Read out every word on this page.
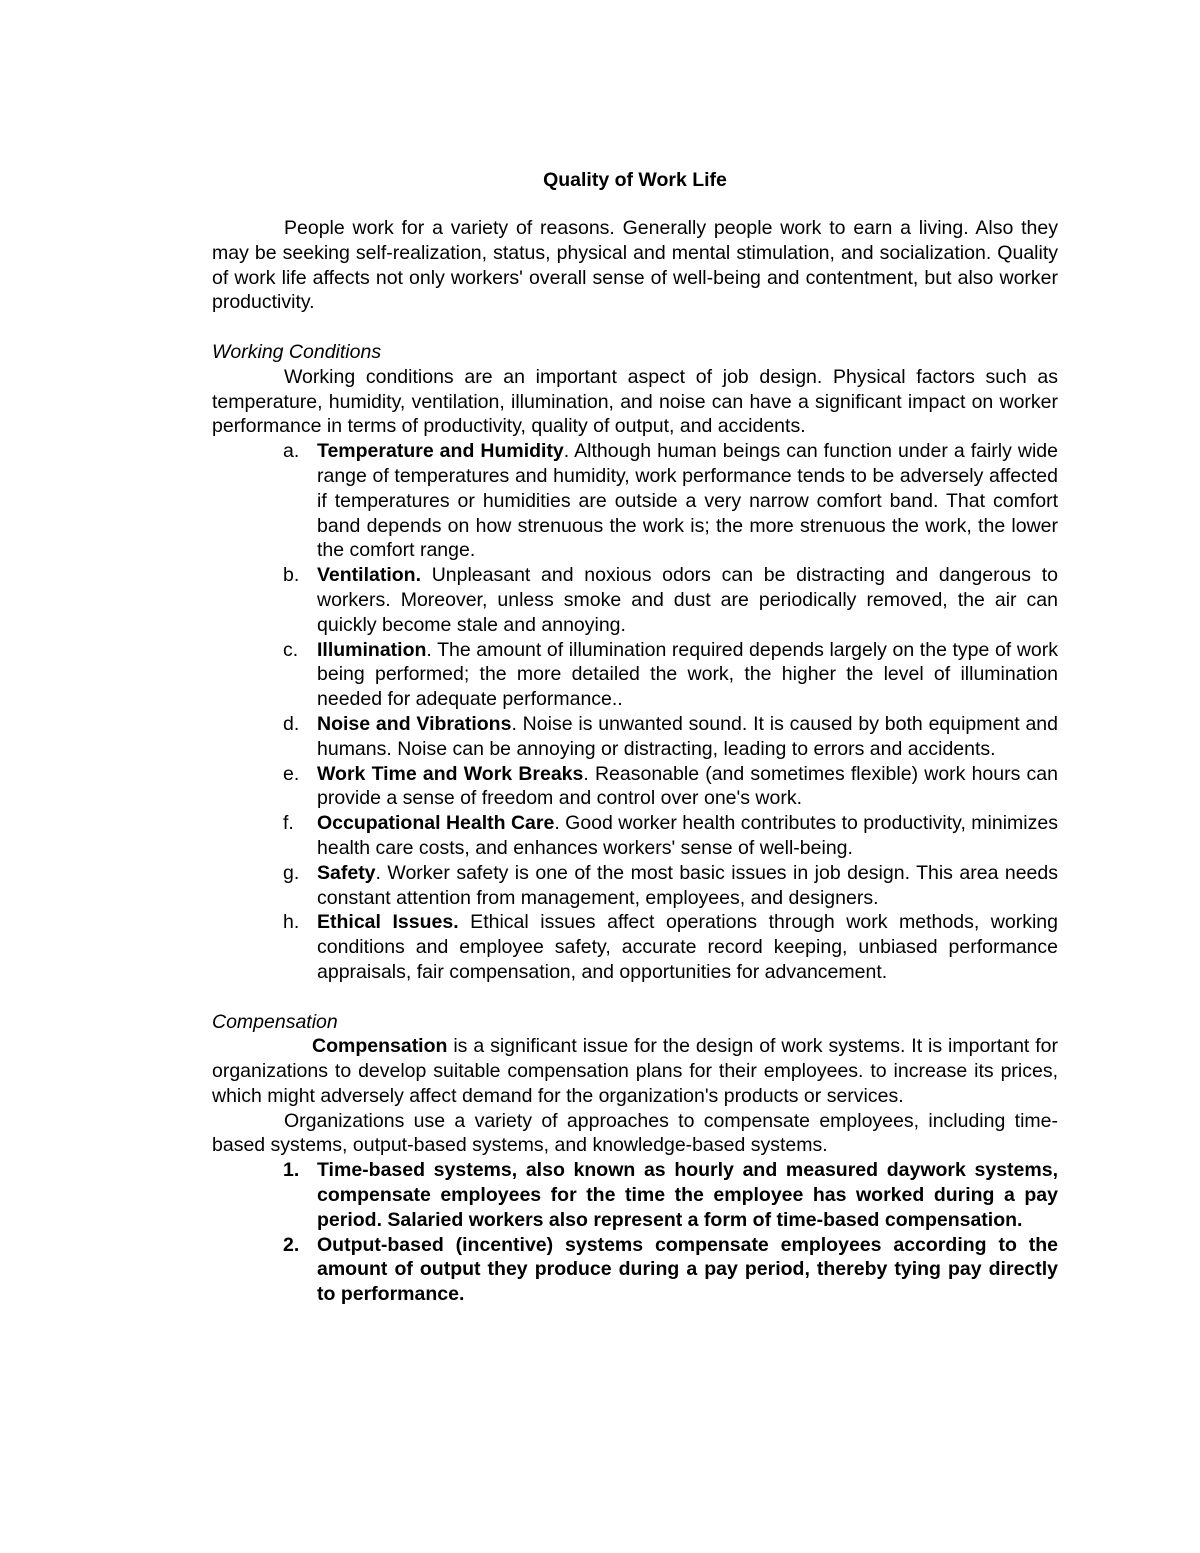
Quality of Work Life

People work for a variety of reasons. Generally people work to earn a living. Also they may be seeking self-realization, status, physical and mental stimulation, and socialization. Quality of work life affects not only workers' overall sense of well-being and contentment, but also worker productivity.

Working Conditions

Working conditions are an important aspect of job design. Physical factors such as temperature, humidity, ventilation, illumination, and noise can have a significant impact on worker performance in terms of productivity, quality of output, and accidents.

a. Temperature and Humidity. Although human beings can function under a fairly wide range of temperatures and humidity, work performance tends to be adversely affected if temperatures or humidities are outside a very narrow comfort band. That comfort band depends on how strenuous the work is; the more strenuous the work, the lower the comfort range.
b. Ventilation. Unpleasant and noxious odors can be distracting and dangerous to workers. Moreover, unless smoke and dust are periodically removed, the air can quickly become stale and annoying.
c. Illumination. The amount of illumination required depends largely on the type of work being performed; the more detailed the work, the higher the level of illumination needed for adequate performance..
d. Noise and Vibrations. Noise is unwanted sound. It is caused by both equipment and humans. Noise can be annoying or distracting, leading to errors and accidents.
e. Work Time and Work Breaks. Reasonable (and sometimes flexible) work hours can provide a sense of freedom and control over one's work.
f. Occupational Health Care. Good worker health contributes to productivity, minimizes health care costs, and enhances workers' sense of well-being.
g. Safety. Worker safety is one of the most basic issues in job design. This area needs constant attention from management, employees, and designers.
h. Ethical Issues. Ethical issues affect operations through work methods, working conditions and employee safety, accurate record keeping, unbiased performance appraisals, fair compensation, and opportunities for advancement.

Compensation

Compensation is a significant issue for the design of work systems. It is important for organizations to develop suitable compensation plans for their employees. to increase its prices, which might adversely affect demand for the organization's products or services.

Organizations use a variety of approaches to compensate employees, including time-based systems, output-based systems, and knowledge-based systems.

1. Time-based systems, also known as hourly and measured daywork systems, compensate employees for the time the employee has worked during a pay period. Salaried workers also represent a form of time-based compensation.
2. Output-based (incentive) systems compensate employees according to the amount of output they produce during a pay period, thereby tying pay directly to performance.
